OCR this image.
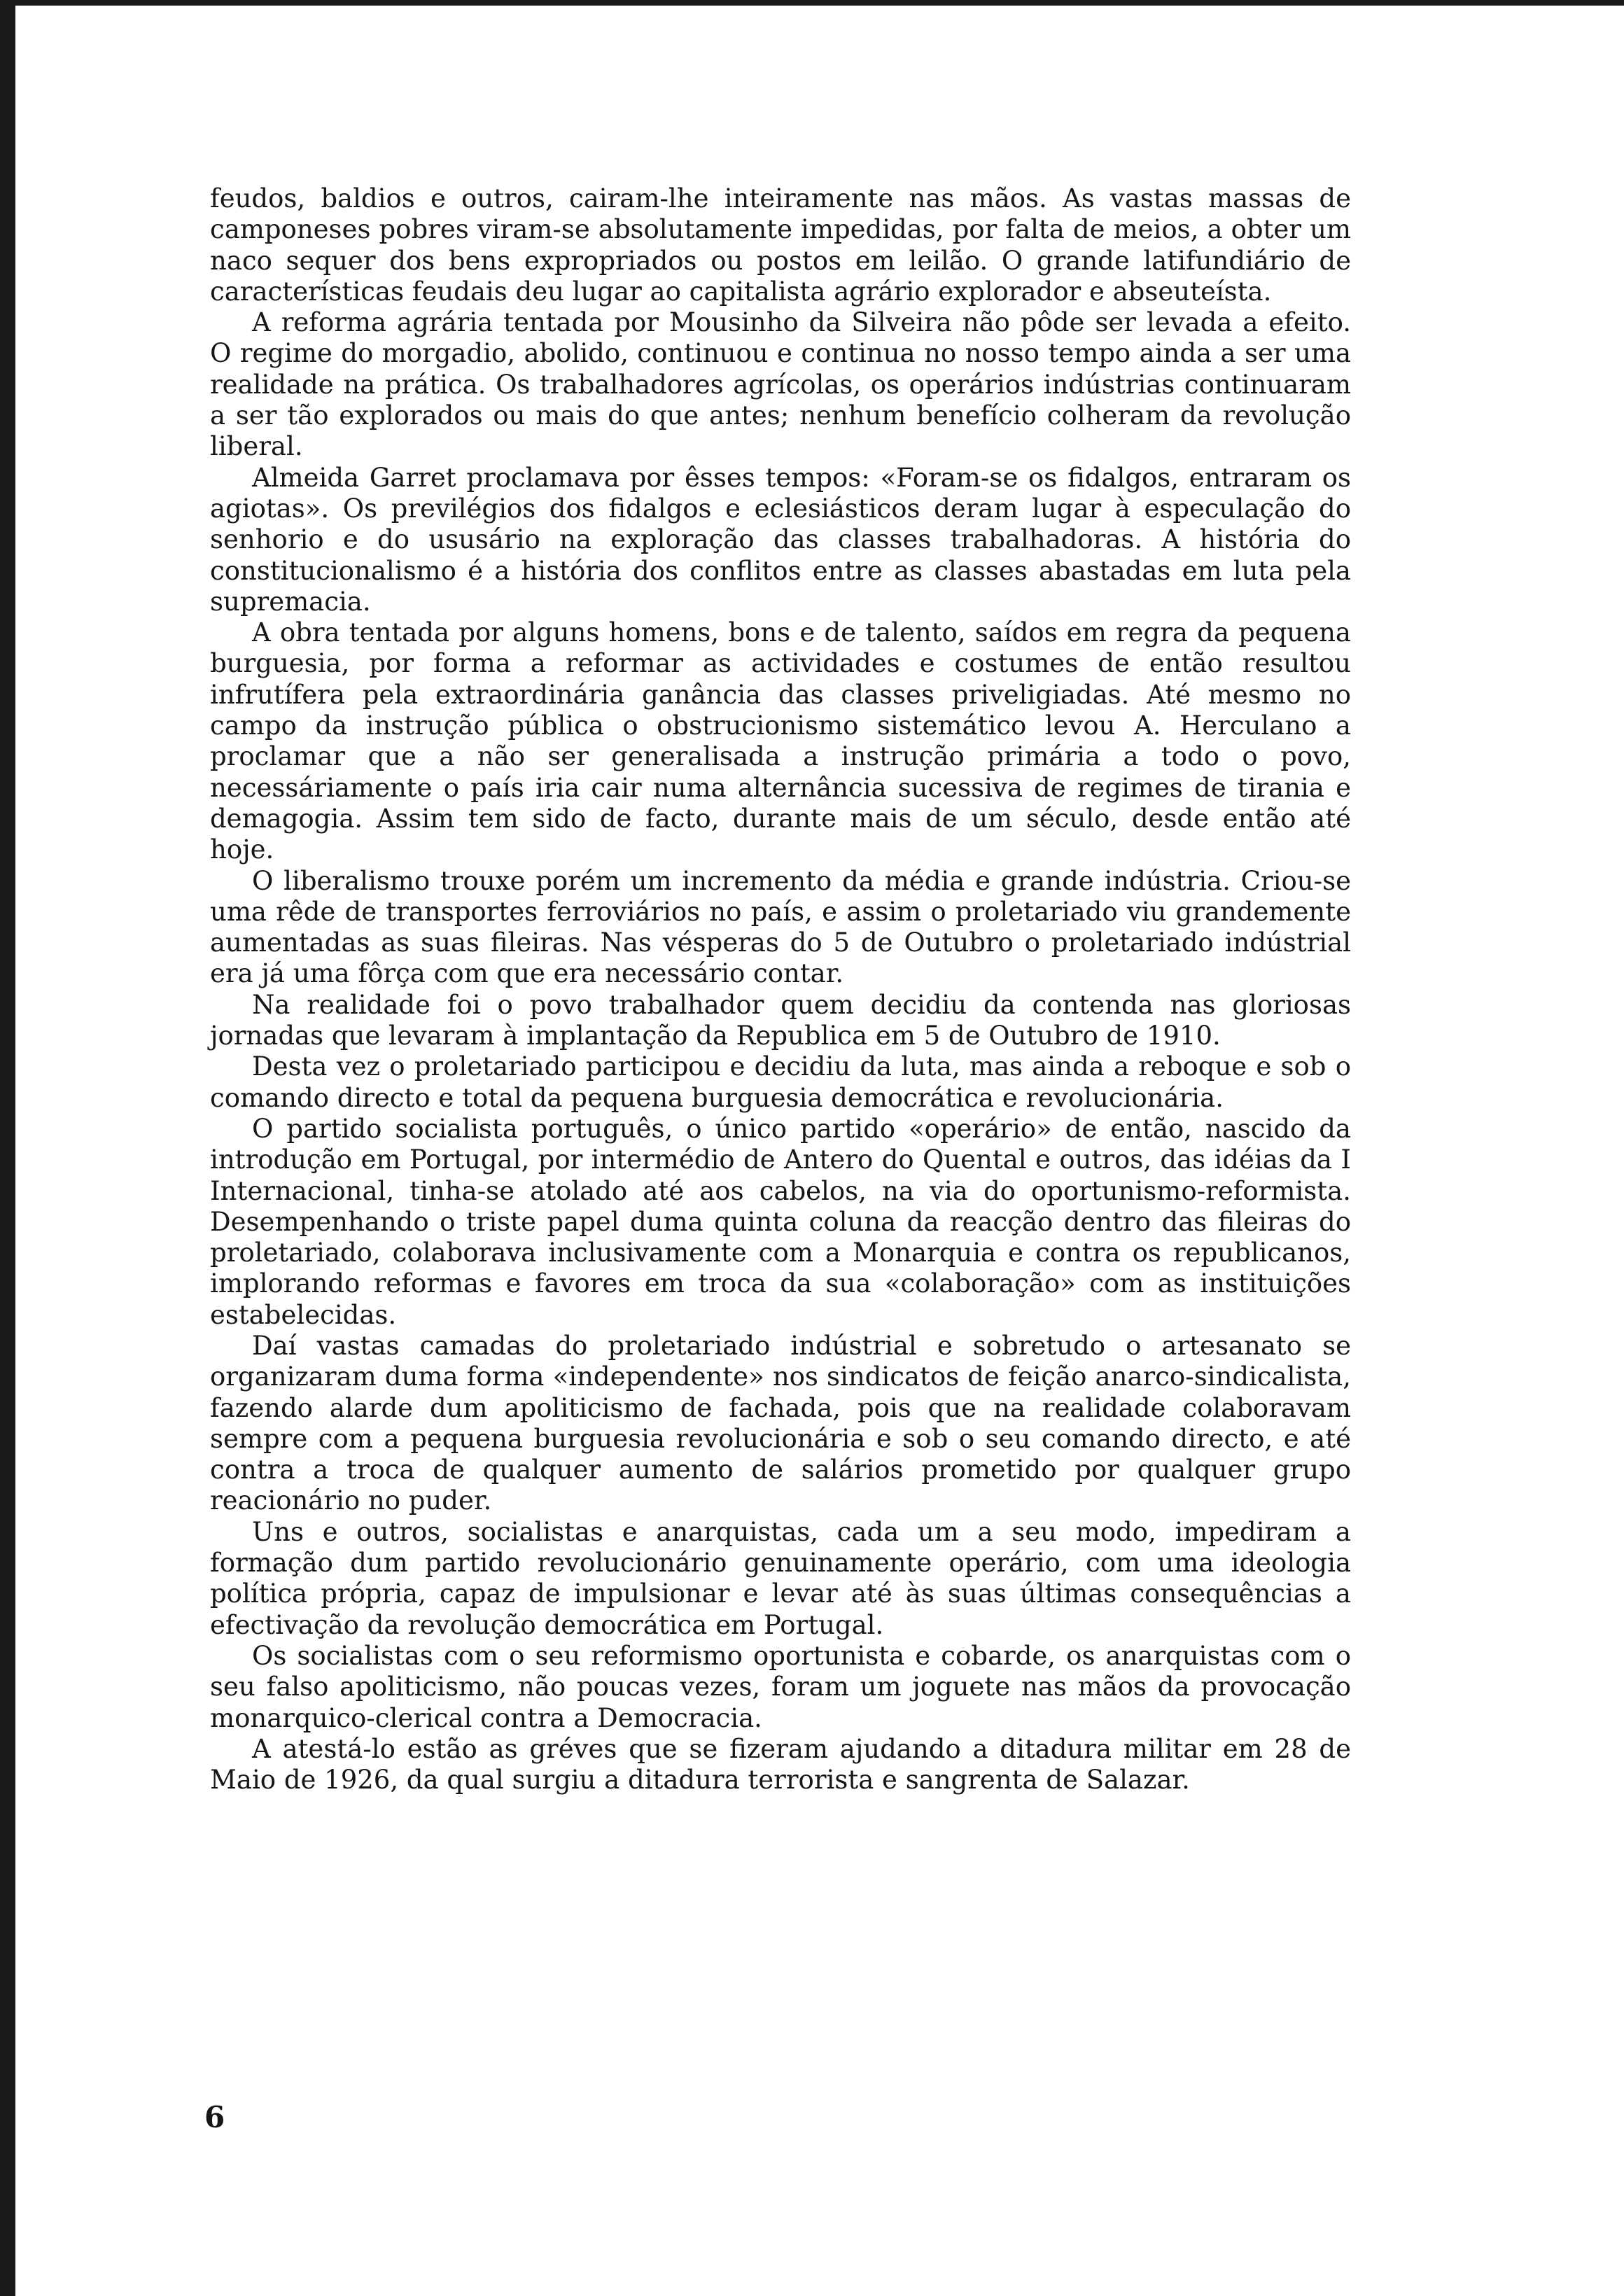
feudos, baldios e outros, cairam-lhe inteiramente nas mãos. As vastas massas de camponeses pobres viram-se absolutamente impedidas, por falta de meios, a obter um naco sequer dos bens expropriados ou postos em leilão. O grande latifundiário de características feudais deu lugar ao capitalista agrário explorador e abseuteísta.

A reforma agrária tentada por Mousinho da Silveira não pôde ser levada a efeito. O regime do morgadio, abolido, continuou e continua no nosso tempo ainda a ser uma realidade na prática. Os trabalhadores agrícolas, os operários indústrias continuaram a ser tão explorados ou mais do que antes; nenhum benefício colheram da revolução liberal.

Almeida Garret proclamava por êsses tempos: «Foram-se os fidalgos, entraram os agiotas». Os previlégios dos fidalgos e eclesiásticos deram lugar à especulação do senhorio e do ususário na exploração das classes trabalhadoras. A história do constitucionalismo é a história dos conflitos entre as classes abastadas em luta pela supremacia.

A obra tentada por alguns homens, bons e de talento, saídos em regra da pequena burguesia, por forma a reformar as actividades e costumes de então resultou infrutífera pela extraordinária ganância das classes priveligiadas. Até mesmo no campo da instrução pública o obstrucionismo sistemático levou A. Herculano a proclamar que a não ser generalisada a instrução primária a todo o povo, necessáriamente o país iria cair numa alternância sucessiva de regimes de tirania e demagogia. Assim tem sido de facto, durante mais de um século, desde então até hoje.

O liberalismo trouxe porém um incremento da média e grande indústria. Criou-se uma rêde de transportes ferroviários no país, e assim o proletariado viu grandemente aumentadas as suas fileiras. Nas vésperas do 5 de Outubro o proletariado indústrial era já uma fôrça com que era necessário contar.

Na realidade foi o povo trabalhador quem decidiu da contenda nas gloriosas jornadas que levaram à implantação da Republica em 5 de Outubro de 1910.

Desta vez o proletariado participou e decidiu da luta, mas ainda a reboque e sob o comando directo e total da pequena burguesia democrática e revolucionária.

O partido socialista português, o único partido «operário» de então, nascido da introdução em Portugal, por intermédio de Antero do Quental e outros, das idéias da I Internacional, tinha-se atolado até aos cabelos, na via do oportunismo-reformista. Desempenhando o triste papel duma quinta coluna da reacção dentro das fileiras do proletariado, colaborava inclusivamente com a Monarquia e contra os republicanos, implorando reformas e favores em troca da sua «colaboração» com as instituições estabelecidas.

Daí vastas camadas do proletariado indústrial e sobretudo o artesanato se organizaram duma forma «independente» nos sindicatos de feição anarco-sindicalista, fazendo alarde dum apoliticismo de fachada, pois que na realidade colaboravam sempre com a pequena burguesia revolucionária e sob o seu comando directo, e até contra a troca de qualquer aumento de salários prometido por qualquer grupo reacionário no puder.

Uns e outros, socialistas e anarquistas, cada um a seu modo, impediram a formação dum partido revolucionário genuinamente operário, com uma ideologia política própria, capaz de impulsionar e levar até às suas últimas consequências a efectivação da revolução democrática em Portugal.

Os socialistas com o seu reformismo oportunista e cobarde, os anarquistas com o seu falso apoliticismo, não poucas vezes, foram um joguete nas mãos da provocação monarquico-clerical contra a Democracia.

A atestá-lo estão as gréves que se fizeram ajudando a ditadura militar em 28 de Maio de 1926, da qual surgiu a ditadura terrorista e sangrenta de Salazar.

6
